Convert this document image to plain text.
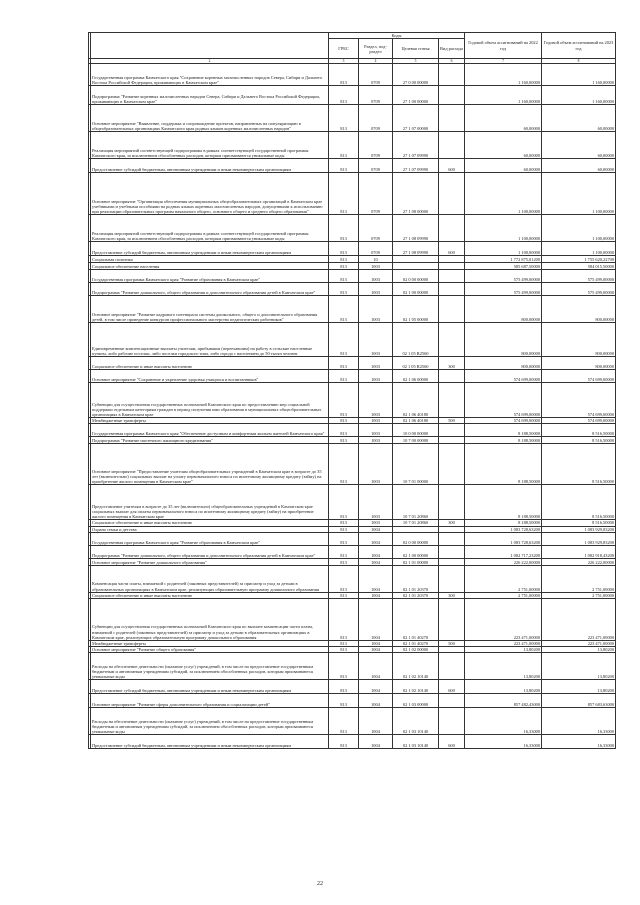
		Коды				Годовой объем ассигнований на 2022 год	Годовой объем ассигнований на 2023 год
		ГРБС	Раздел, под-раздел	Целевая статья	Вид расхода		
	2	3	4	5	6	7	8
	Государственная программа Камчатского края "Сохранение коренных малочисленных народов Севера, Сибири и Дальнего Востока Российской Федерации, проживающих в Камчатском крае"	813	0709	27 0 00 00000		1 160,00000	1 160,00000
	Подпрограмма "Развитие коренных малочисленных народов Севера, Сибири и Дальнего Востока Российской Федерации, проживающих в Камчатском крае"	813	0709	27 1 00 00000		1 160,00000	1 160,00000
	Основное мероприятие "Выявление, поддержка и сопровождение проектов, направленных на популяризацию в общеобразовательных организациях Камчатского края родных языков коренных малочисленных народов"	813	0709	27 1 07 00000		60,00000	60,00000
	Реализация мероприятий соответствующей подпрограммы в рамках соответствующей государственной программы Камчатского края, за исключением обособленных расходов, которым присваиваются уникальные коды	813	0709	27 1 07 09990		60,00000	60,00000
	Предоставление субсидий бюджетным, автономным учреждениям и иным некоммерческим организациям	813	0709	27 1 07 09990	600	60,00000	60,00000
	Основное мероприятие "Организация обеспечения муниципальных общеобразовательных организаций в Камчатском крае учебниками и учебными пособиями на родных языках коренных малочисленных народов, допущенными к использованию при реализации образовательных программ начального общего, основного общего и среднего общего образования"	813	0709	27 1 08 00000		1 100,00000	1 100,00000
	Реализация мероприятий соответствующей подпрограммы в рамках соответствующей государственной программы Камчатского края, за исключением обособленных расходов, которым присваиваются уникальные коды	813	0709	27 1 08 09990		1 100,00000	1 100,00000
	Предоставление субсидий бюджетным, автономным учреждениям и иным некоммерческим организациям	813	0709	27 1 08 09990	600	1 100,00000	1 100,00000
	Социальная политика	813	10			1 772 875,01200	1 755 620,22700
	Социальное обеспечение населения	813	1003			585 687,50000	584 015,50000
	Государственная программа Камчатского края "Развитие образования в Камчатском крае"	813	1003	02 0 00 00000		575 499,00000	575 499,00000
	Подпрограмма "Развитие дошкольного, общего образования и дополнительного образования детей в Камчатском крае"	813	1003	02 1 00 00000		575 499,00000	575 499,00000
	Основное мероприятие "Развитие кадрового потенциала системы дошкольного, общего и дополнительного образования детей, в том числе проведение конкурсов профессионального мастерства педагогических работников"	813	1003	02 1 05 00000		800,00000	800,00000
	Единовременные компенсационные выплаты учителям, прибывшим (переехавшим) на работу в сельские населенные пункты, либо рабочие поселки, либо поселки городского типа, либо города с населением до 50 тысяч человек	813	1003	02 1 05 R2560		800,00000	800,00000
	Социальное обеспечение и иные выплаты населению	813	1003	02 1 05 R2560	300	800,00000	800,00000
	Основное мероприятие "Сохранение и укрепление здоровья учащихся и воспитанников"	813	1003	02 1 06 00000		574 699,00000	574 699,00000
	Субвенции для осуществления государственных полномочий Камчатского края по предоставлению мер социальной поддержки отдельным категориям граждан в период получения ими образования в муниципальных общеобразовательных организациях в Камчатском крае	813	1003	02 1 06 40180		574 699,00000	574 699,00000
	Межбюджетные трансферты	813	1003	02 1 06 40180	500	574 699,00000	574 699,00000
	Государственная программа Камчатского края "Обеспечение доступным и комфортным жильем жителей Камчатского края"	813	1003	10 0 00 00000		8 188,50000	8 516,50000
	Подпрограмма "Развитие ипотечного жилищного кредитования"	813	1003	10 7 00 00000		8 188,50000	8 516,50000
	Основное мероприятие "Предоставление учителям общеобразовательных учреждений в Камчатском крае в возрасте до 35 лет (включительно) социальных выплат на уплату первоначального взноса по ипотечному жилищному кредиту (займу) на приобретение жилого помещения в Камчатском крае"	813	1003	10 7 01 00000		8 188,50000	8 516,50000
	Предоставление учителям в возрасте до 35 лет (включительно) общеобразовательных учреждений в Камчатском крае социальных выплат для оплаты первоначального взноса по ипотечному жилищному кредиту (займу) на приобретение жилого помещения в Камчатском крае	813	1003	10 7 01 20860		8 188,50000	8 516,50000
	Социальное обеспечение и иные выплаты населению	813	1003	10 7 01 20860	300	8 188,50000	8 516,50000
	Охрана семьи и детства	813	1004			1 083 728,63200	1 083 929,83200
	Государственная программа Камчатского края "Развитие образования в Камчатском крае"	813	1004	02 0 00 00000		1 083 728,63200	1 083 929,83200
	Подпрограмма "Развитие дошкольного, общего образования и дополнительного образования детей в Камчатском крае"	813	1004	02 1 00 00000		1 082 717,23200	1 082 918,43200
	Основное мероприятие "Развитие дошкольного образования"	813	1004	02 1 01 00000		226 222,00000	226 222,00000
	Компенсация части платы, взимаемой с родителей (законных представителей) за присмотр и уход за детьми в образовательных организациях в Камчатском крае, реализующих образовательную программу дошкольного образования	813	1004	02 1 01 20370		2 751,00000	2 751,00000
	Социальное обеспечение и иные выплаты населению	813	1004	02 1 01 20370	300	2 751,00000	2 751,00000
	Субвенции для осуществления государственных полномочий Камчатского края по выплате компенсации части платы, взимаемой с родителей (законных представителей) за присмотр и уход за детьми в образовательных организациях в Камчатском крае, реализующих образовательную программу дошкольного образования	813	1004	02 1 01 40270		223 471,00000	223 471,00000
	Межбюджетные трансферты	813	1004	02 1 01 40270	500	223 471,00000	223 471,00000
	Основное мероприятие "Развитие общего образования"	813	1004	02 1 02 00000		13,80200	13,80200
	Расходы на обеспечение деятельности (оказание услуг) учреждений, в том числе на предоставление государственным бюджетным и автономным учреждениям субсидий, за исключением обособленных расходов, которым присваиваются уникальные коды	813	1004	02 1 02 10140		13,80200	13,80200
	Предоставление субсидий бюджетным, автономным учреждениям и иным некоммерческим организациям	813	1004	02 1 02 10140	600	13,80200	13,80200
	Основное мероприятие "Развитие сферы дополнительного образования и социализации детей"	813	1004	02 1 03 00000		857 482,43000	857 683,63000
	Расходы на обеспечение деятельности (оказание услуг) учреждений, в том числе на предоставление государственным бюджетным и автономным учреждениям субсидий, за исключением обособленных расходов, которым присваиваются уникальные коды	813	1004	02 1 03 10140		16,33000	16,33000
	Предоставление субсидий бюджетным, автономным учреждениям и иным некоммерческим организациям	813	1004	02 1 03 10140	600	16,33000	16,33000
22
